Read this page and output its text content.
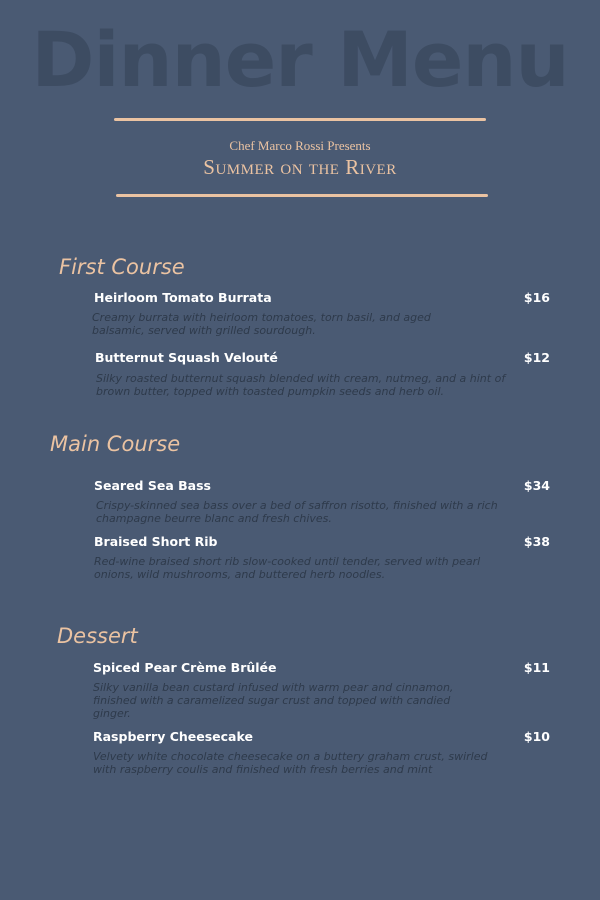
Dinner Menu
Chef Marco Rossi Presents
Summer on the River
First Course
Heirloom Tomato Burrata	$16
Creamy burrata with heirloom tomatoes, torn basil, and aged balsamic, served with grilled sourdough.
Butternut Squash Velouté	$12
Silky roasted butternut squash blended with cream, nutmeg, and a hint of brown butter, topped with toasted pumpkin seeds and herb oil.
Main Course
Seared Sea Bass	$34
Crispy-skinned sea bass over a bed of saffron risotto, finished with a rich champagne beurre blanc and fresh chives.
Braised Short Rib	$38
Red-wine braised short rib slow-cooked until tender, served with pearl onions, wild mushrooms, and buttered herb noodles.
Dessert
Spiced Pear Crème Brûlée	$11
Silky vanilla bean custard infused with warm pear and cinnamon, finished with a caramelized sugar crust and topped with candied ginger.
Raspberry Cheesecake	$10
Velvety white chocolate cheesecake on a buttery graham crust, swirled with raspberry coulis and finished with fresh berries and mint
